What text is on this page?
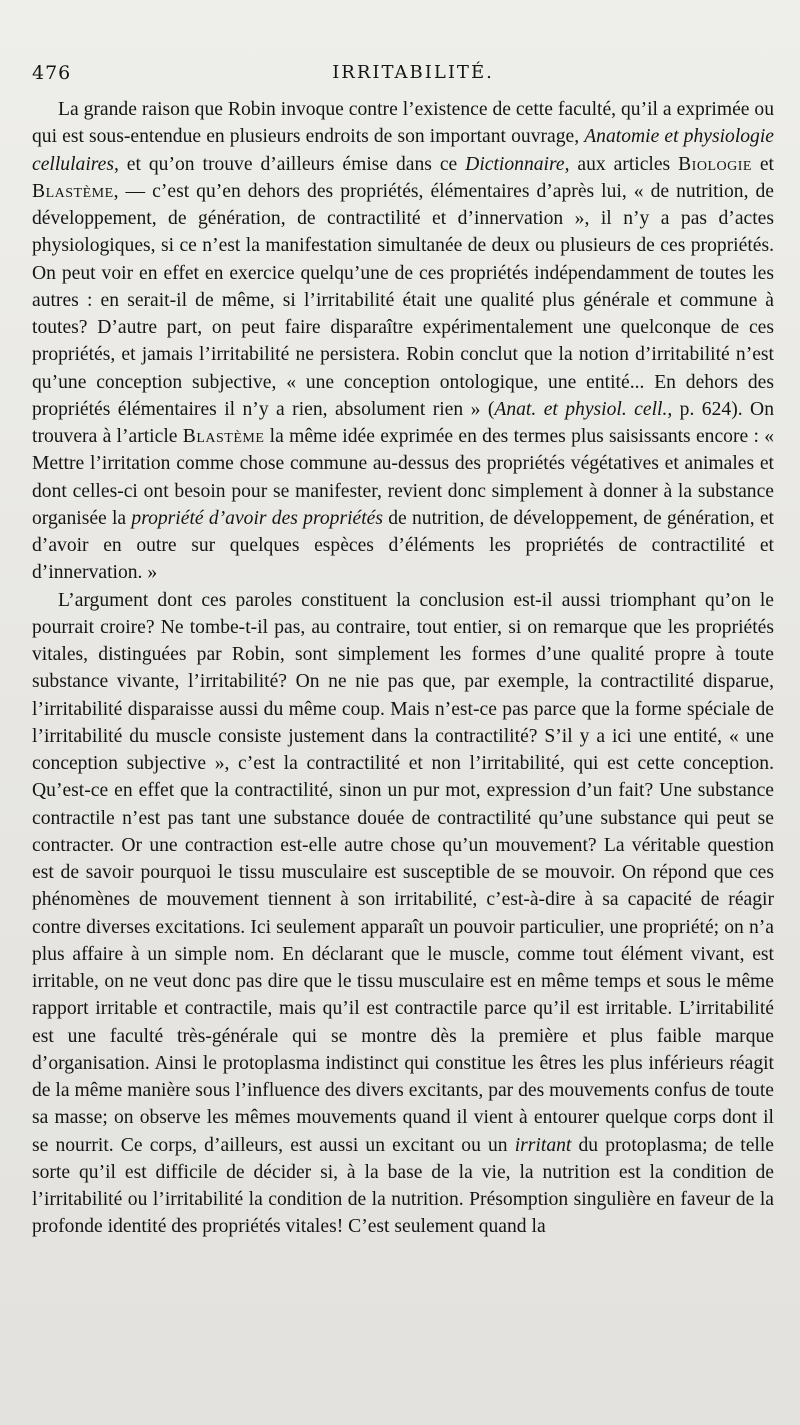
476	IRRITABILITÉ.

La grande raison que Robin invoque contre l’existence de cette faculté, qu’il a exprimée ou qui est sous-entendue en plusieurs endroits de son important ouvrage, Anatomie et physiologie cellulaires, et qu’on trouve d’ailleurs émise dans ce Dictionnaire, aux articles Biologie et Blastème, — c’est qu’en dehors des propriétés, élémentaires d’après lui, « de nutrition, de développement, de génération, de contractilité et d’innervation », il n’y a pas d’actes physiologiques, si ce n’est la manifestation simultanée de deux ou plusieurs de ces propriétés. On peut voir en effet en exercice quelqu’une de ces propriétés indépendamment de toutes les autres : en serait-il de même, si l’irritabilité était une qualité plus générale et commune à toutes? D’autre part, on peut faire disparaître expérimentalement une quelconque de ces propriétés, et jamais l’irritabilité ne persistera. Robin conclut que la notion d’irritabilité n’est qu’une conception subjective, « une conception ontologique, une entité... En dehors des propriétés élémentaires il n’y a rien, absolument rien » (Anat. et physiol. cell., p. 624). On trouvera à l’article Blastème la même idée exprimée en des termes plus saisissants encore : « Mettre l’irritation comme chose commune au-dessus des propriétés végétatives et animales et dont celles-ci ont besoin pour se manifester, revient donc simplement à donner à la substance organisée la propriété d’avoir des propriétés de nutrition, de développement, de génération, et d’avoir en outre sur quelques espèces d’éléments les propriétés de contractilité et d’innervation. »

L’argument dont ces paroles constituent la conclusion est-il aussi triomphant qu’on le pourrait croire? Ne tombe-t-il pas, au contraire, tout entier, si on remarque que les propriétés vitales, distinguées par Robin, sont simplement les formes d’une qualité propre à toute substance vivante, l’irritabilité? On ne nie pas que, par exemple, la contractilité disparue, l’irritabilité disparaisse aussi du même coup. Mais n’est-ce pas parce que la forme spéciale de l’irritabilité du muscle consiste justement dans la contractilité? S’il y a ici une entité, « une conception subjective », c’est la contractilité et non l’irritabilité, qui est cette conception. Qu’est-ce en effet que la contractilité, sinon un pur mot, expression d’un fait? Une substance contractile n’est pas tant une substance douée de contractilité qu’une substance qui peut se contracter. Or une contraction est-elle autre chose qu’un mouvement? La véritable question est de savoir pourquoi le tissu musculaire est susceptible de se mouvoir. On répond que ces phénomènes de mouvement tiennent à son irritabilité, c’est-à-dire à sa capacité de réagir contre diverses excitations. Ici seulement apparaît un pouvoir particulier, une propriété; on n’a plus affaire à un simple nom. En déclarant que le muscle, comme tout élément vivant, est irritable, on ne veut donc pas dire que le tissu musculaire est en même temps et sous le même rapport irritable et contractile, mais qu’il est contractile parce qu’il est irritable. L’irritabilité est une faculté très-générale qui se montre dès la première et plus faible marque d’organisation. Ainsi le protoplasma indistinct qui constitue les êtres les plus inférieurs réagit de la même manière sous l’influence des divers excitants, par des mouvements confus de toute sa masse; on observe les mêmes mouvements quand il vient à entourer quelque corps dont il se nourrit. Ce corps, d’ailleurs, est aussi un excitant ou un irritant du protoplasma; de telle sorte qu’il est difficile de décider si, à la base de la vie, la nutrition est la condition de l’irritabilité ou l’irritabilité la condition de la nutrition. Présomption singulière en faveur de la profonde identité des propriétés vitales! C’est seulement quand la
